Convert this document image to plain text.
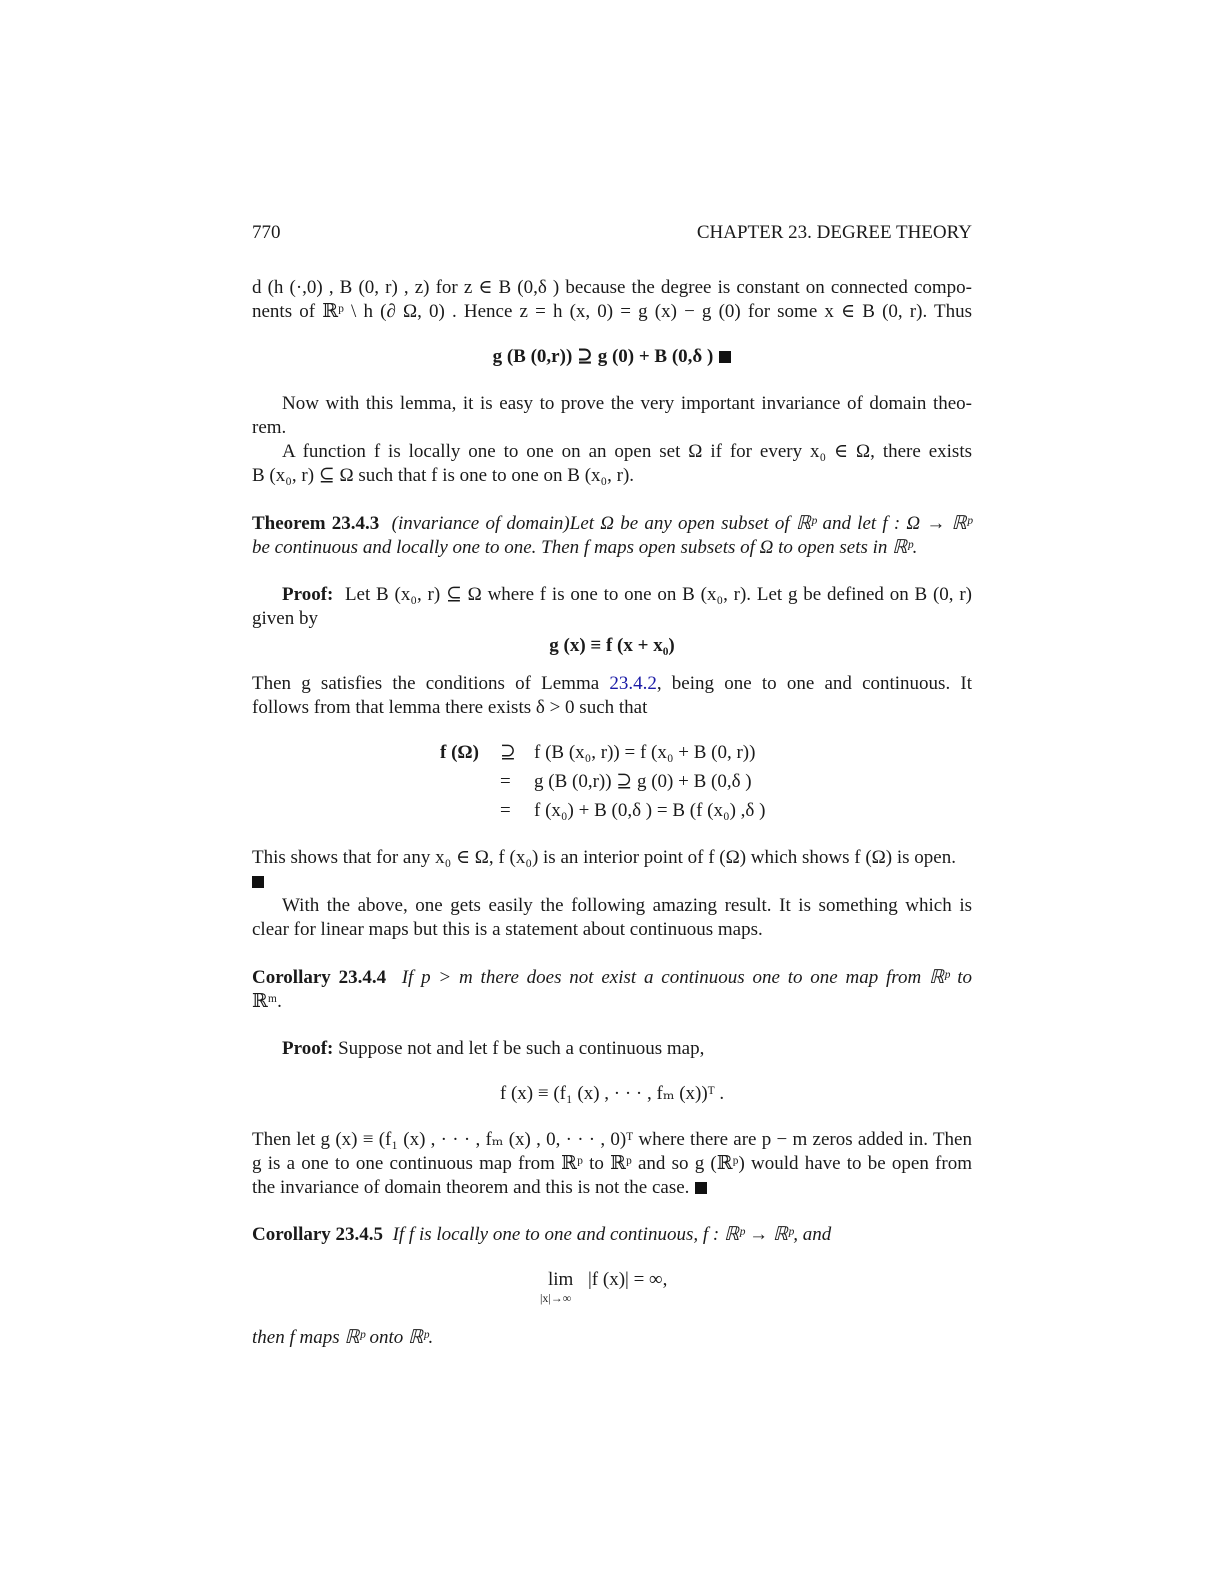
770	CHAPTER 23. DEGREE THEORY
d (h (·,0) , B (0, r) , z) for z ∈ B (0,δ ) because the degree is constant on connected compo-
nents of ℝᵖ \ h (∂ Ω, 0) . Hence z = h (x, 0) = g (x) − g (0) for some x ∈ B (0, r). Thus
g (B (0,r)) ⊇ g (0) + B (0,δ )
Now with this lemma, it is easy to prove the very important invariance of domain theo-
rem.
A function f is locally one to one on an open set Ω if for every x₀ ∈ Ω, there exists
B (x₀, r) ⊆ Ω such that f is one to one on B (x₀, r).
Theorem 23.4.3 (invariance of domain)Let Ω be any open subset of ℝᵖ and let f : Ω → ℝᵖ
be continuous and locally one to one. Then f maps open subsets of Ω to open sets in ℝᵖ.
Proof: Let B (x₀, r) ⊆ Ω where f is one to one on B (x₀, r). Let g be defined on B (0, r)
given by
g (x) ≡ f (x + x₀)
Then g satisfies the conditions of Lemma 23.4.2, being one to one and continuous. It
follows from that lemma there exists δ > 0 such that
f (Ω) ⊇ f (B (x₀, r)) = f (x₀ + B (0, r))
= g (B (0,r)) ⊇ g (0) + B (0,δ )
= f (x₀) + B (0,δ ) = B (f (x₀) ,δ )
This shows that for any x₀ ∈ Ω, f (x₀) is an interior point of f (Ω) which shows f (Ω) is open.
With the above, one gets easily the following amazing result. It is something which is
clear for linear maps but this is a statement about continuous maps.
Corollary 23.4.4 If p > m there does not exist a continuous one to one map from ℝᵖ to
ℝᵐ.
Proof: Suppose not and let f be such a continuous map,
f (x) ≡ (f₁ (x) , · · · , fₘ (x))ᵀ .
Then let g (x) ≡ (f₁ (x) , · · · , fₘ (x) , 0, · · · , 0)ᵀ where there are p − m zeros added in. Then
g is a one to one continuous map from ℝᵖ to ℝᵖ and so g (ℝᵖ) would have to be open from
the invariance of domain theorem and this is not the case.
Corollary 23.4.5 If f is locally one to one and continuous, f : ℝᵖ → ℝᵖ, and
lim
|x|→∞
|f (x)| = ∞,
then f maps ℝᵖ onto ℝᵖ.
